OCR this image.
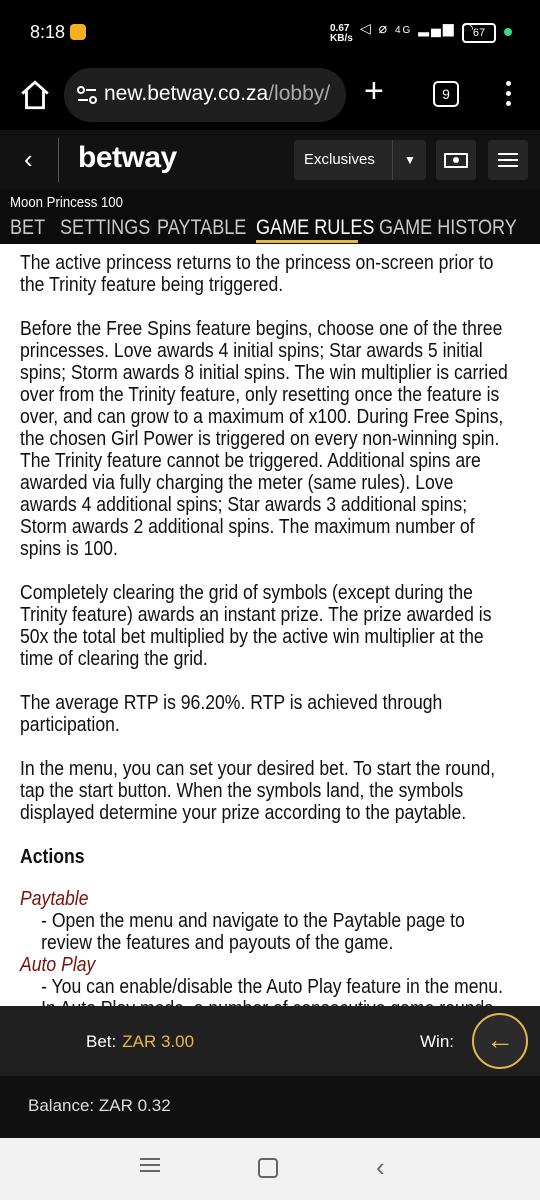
8:18	0.67 KB/s
◁ ⌀ 4G ▂▄▆ ◠
67
new.betway.co.za/lobby/ +	9
‹ betway	Exclusives	▼
Moon Princess 100
BET SETTINGS PAYTABLE GAME RULES GAME HISTORY

The active princess returns to the princess on-screen prior to the Trinity feature being triggered.

Before the Free Spins feature begins, choose one of the three princesses. Love awards 4 initial spins; Star awards 5 initial spins; Storm awards 8 initial spins. The win multiplier is carried over from the Trinity feature, only resetting once the feature is over, and can grow to a maximum of x100. During Free Spins, the chosen Girl Power is triggered on every non-winning spin. The Trinity feature cannot be triggered. Additional spins are awarded via fully charging the meter (same rules). Love awards 4 additional spins; Star awards 3 additional spins; Storm awards 2 additional spins. The maximum number of spins is 100.

Completely clearing the grid of symbols (except during the Trinity feature) awards an instant prize. The prize awarded is 50x the total bet multiplied by the active win multiplier at the time of clearing the grid.

The average RTP is 96.20%. RTP is achieved through participation.

In the menu, you can set your desired bet. To start the round, tap the start button. When the symbols land, the symbols displayed determine your prize according to the paytable.

Actions

Paytable

- Open the menu and navigate to the Paytable page to review the features and payouts of the game.

Auto Play

- You can enable/disable the Auto Play feature in the menu.

Bet: ZAR 3.00	Win:	←
Balance: ZAR 0.32
‹
